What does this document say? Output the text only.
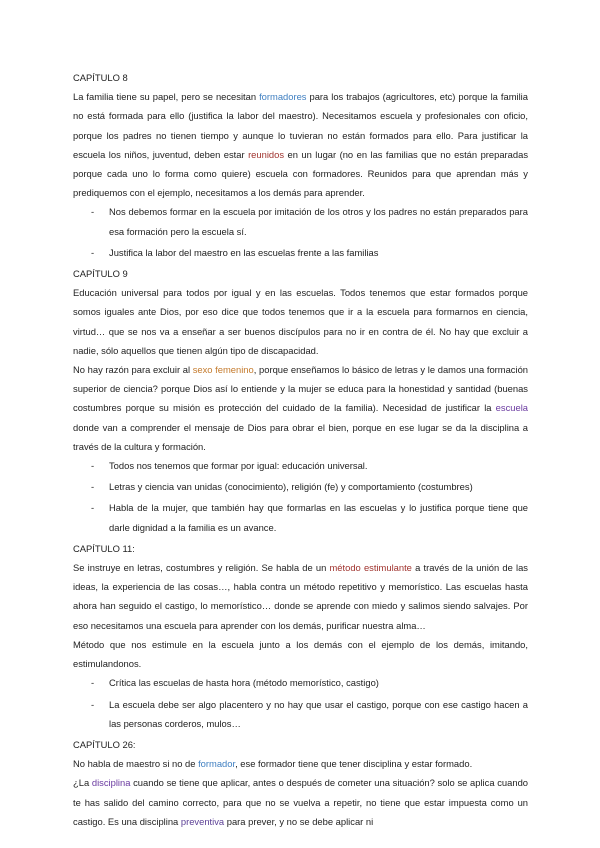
CAPÍTULO 8

La familia tiene su papel, pero se necesitan formadores para los trabajos (agricultores, etc) porque la familia no está formada para ello (justifica la labor del maestro). Necesitamos escuela y profesionales con oficio, porque los padres no tienen tiempo y aunque lo tuvieran no están formados para ello. Para justificar la escuela los niños, juventud, deben estar reunidos en un lugar (no en las familias que no están preparadas porque cada uno lo forma como quiere) escuela con formadores. Reunidos para que aprendan más y prediquemos con el ejemplo, necesitamos a los demás para aprender.

- Nos debemos formar en la escuela por imitación de los otros y los padres no están preparados para esa formación pero la escuela sí.
- Justifica la labor del maestro en las escuelas frente a las familias

CAPÍTULO 9

Educación universal para todos por igual y en las escuelas. Todos tenemos que estar formados porque somos iguales ante Dios, por eso dice que todos tenemos que ir a la escuela para formarnos en ciencia, virtud… que se nos va a enseñar a ser buenos discípulos para no ir en contra de él. No hay que excluir a nadie, sólo aquellos que tienen algún tipo de discapacidad.

No hay razón para excluir al sexo femenino, porque enseñamos lo básico de letras y le damos una formación superior de ciencia? porque Dios así lo entiende y la mujer se educa para la honestidad y santidad (buenas costumbres porque su misión es protección del cuidado de la familia). Necesidad de justificar la escuela donde van a comprender el mensaje de Dios para obrar el bien, porque en ese lugar se da la disciplina a través de la cultura y formación.

- Todos nos tenemos que formar por igual: educación universal.
- Letras y ciencia van unidas (conocimiento), religión (fe) y comportamiento (costumbres)
- Habla de la mujer, que también hay que formarlas en las escuelas y lo justifica porque tiene que darle dignidad a la familia es un avance.

CAPÍTULO 11:

Se instruye en letras, costumbres y religión. Se habla de un método estimulante a través de la unión de las ideas, la experiencia de las cosas…, habla contra un método repetitivo y memorístico. Las escuelas hasta ahora han seguido el castigo, lo memorístico… donde se aprende con miedo y salimos siendo salvajes. Por eso necesitamos una escuela para aprender con los demás, purificar nuestra alma…

Método que nos estimule en la escuela junto a los demás con el ejemplo de los demás, imitando, estimulandonos.

- Crítica las escuelas de hasta hora (método memorístico, castigo)
- La escuela debe ser algo placentero y no hay que usar el castigo, porque con ese castigo hacen a las personas corderos, mulos…

CAPÍTULO 26:

No habla de maestro si no de formador, ese formador tiene que tener disciplina y estar formado.

¿La disciplina cuando se tiene que aplicar, antes o después de cometer una situación? solo se aplica cuando te has salido del camino correcto, para que no se vuelva a repetir, no tiene que estar impuesta como un castigo. Es una disciplina preventiva para prever, y no se debe aplicar ni
